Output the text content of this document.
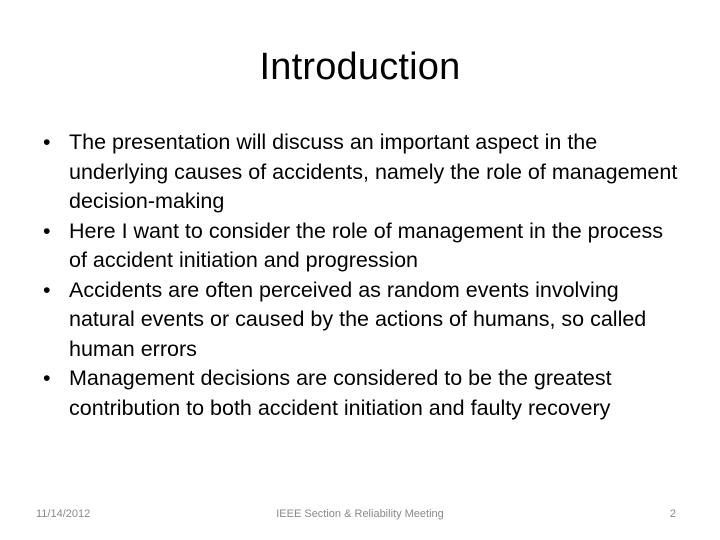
Introduction
• The presentation will discuss an important aspect in the underlying causes of accidents, namely the role of management decision-making
• Here I want to consider the role of management in the process of accident initiation and progression
• Accidents are often perceived as random events involving natural events or caused by the actions of humans, so called human errors
• Management decisions are considered to be the greatest contribution to both accident initiation and faulty recovery
11/14/2012	IEEE Section & Reliability Meeting	2
